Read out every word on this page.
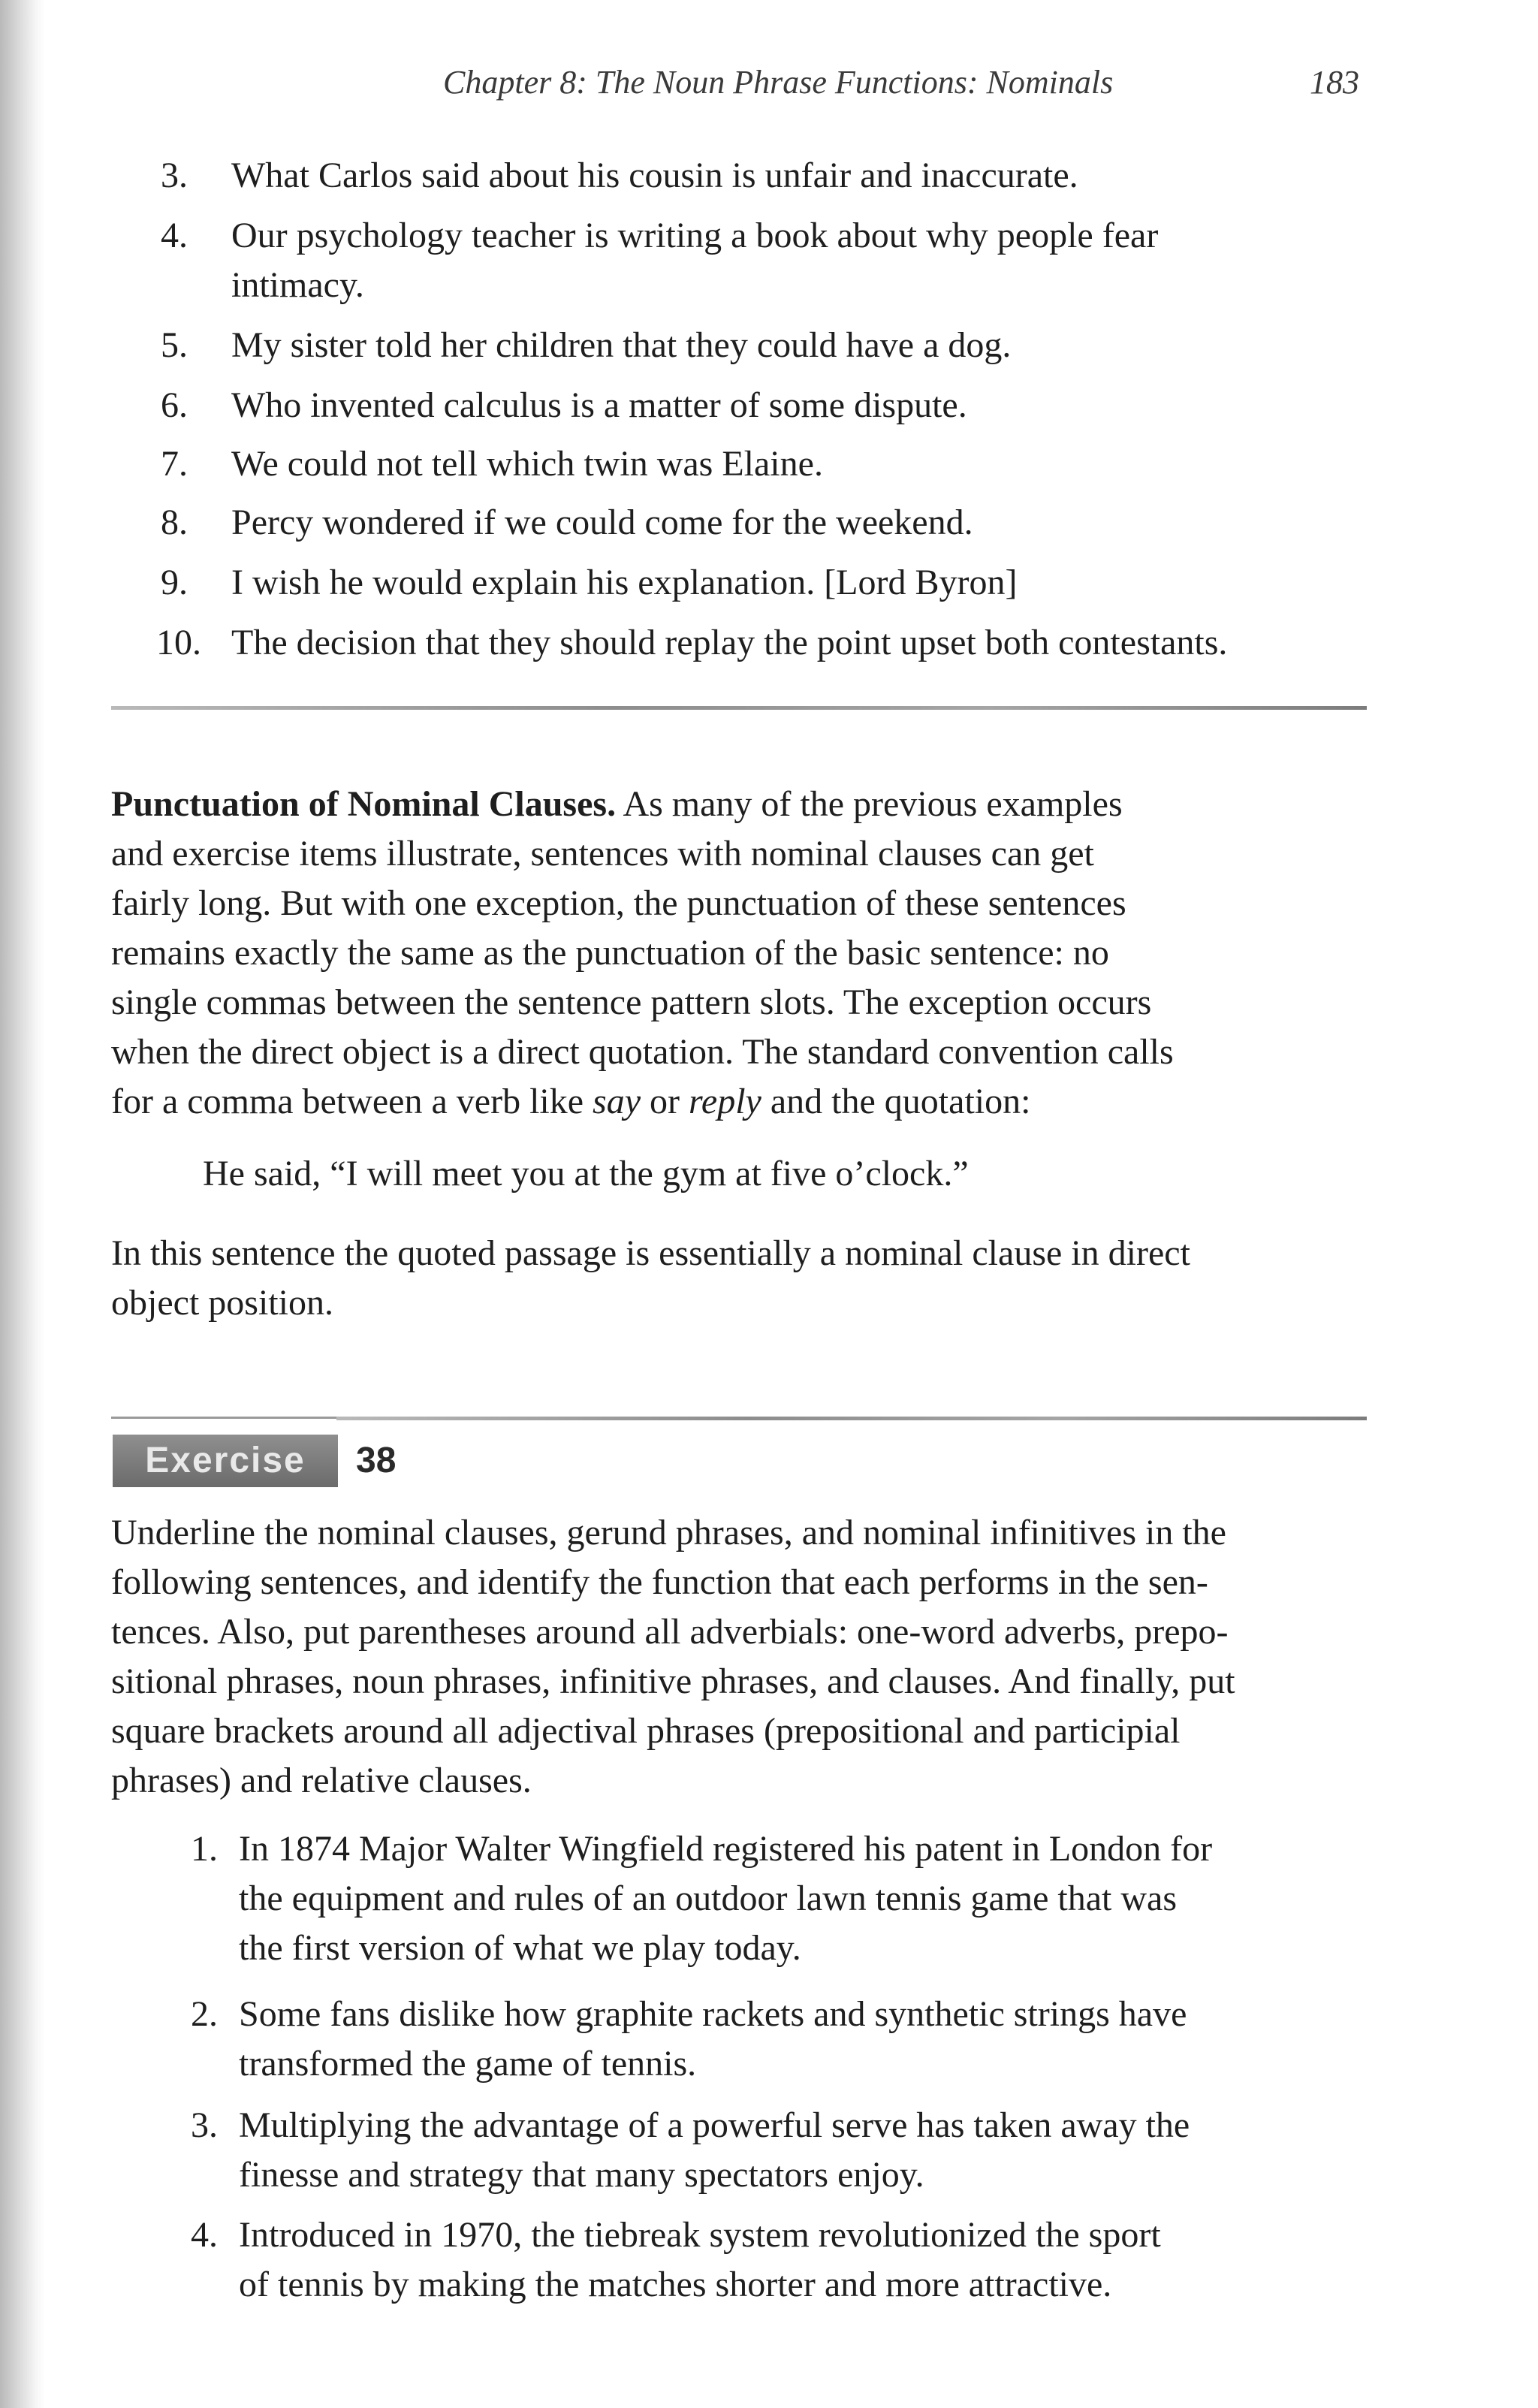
Chapter 8: The Noun Phrase Functions: Nominals	183
3. What Carlos said about his cousin is unfair and inaccurate.
4. Our psychology teacher is writing a book about why people fear
intimacy.
5. My sister told her children that they could have a dog.
6. Who invented calculus is a matter of some dispute.
7. We could not tell which twin was Elaine.
8. Percy wondered if we could come for the weekend.
9. I wish he would explain his explanation. [Lord Byron]
10. The decision that they should replay the point upset both contestants.
Punctuation of Nominal Clauses. As many of the previous examples
and exercise items illustrate, sentences with nominal clauses can get
fairly long. But with one exception, the punctuation of these sentences
remains exactly the same as the punctuation of the basic sentence: no
single commas between the sentence pattern slots. The exception occurs
when the direct object is a direct quotation. The standard convention calls
for a comma between a verb like say or reply and the quotation:
He said, “I will meet you at the gym at five o’clock.”
In this sentence the quoted passage is essentially a nominal clause in direct
object position.
Exercise	38
Underline the nominal clauses, gerund phrases, and nominal infinitives in the
following sentences, and identify the function that each performs in the sen-
tences. Also, put parentheses around all adverbials: one-word adverbs, prepo-
sitional phrases, noun phrases, infinitive phrases, and clauses. And finally, put
square brackets around all adjectival phrases (prepositional and participial
phrases) and relative clauses.
1. In 1874 Major Walter Wingfield registered his patent in London for
the equipment and rules of an outdoor lawn tennis game that was
the first version of what we play today.
2. Some fans dislike how graphite rackets and synthetic strings have
transformed the game of tennis.
3. Multiplying the advantage of a powerful serve has taken away the
finesse and strategy that many spectators enjoy.
4. Introduced in 1970, the tiebreak system revolutionized the sport
of tennis by making the matches shorter and more attractive.
